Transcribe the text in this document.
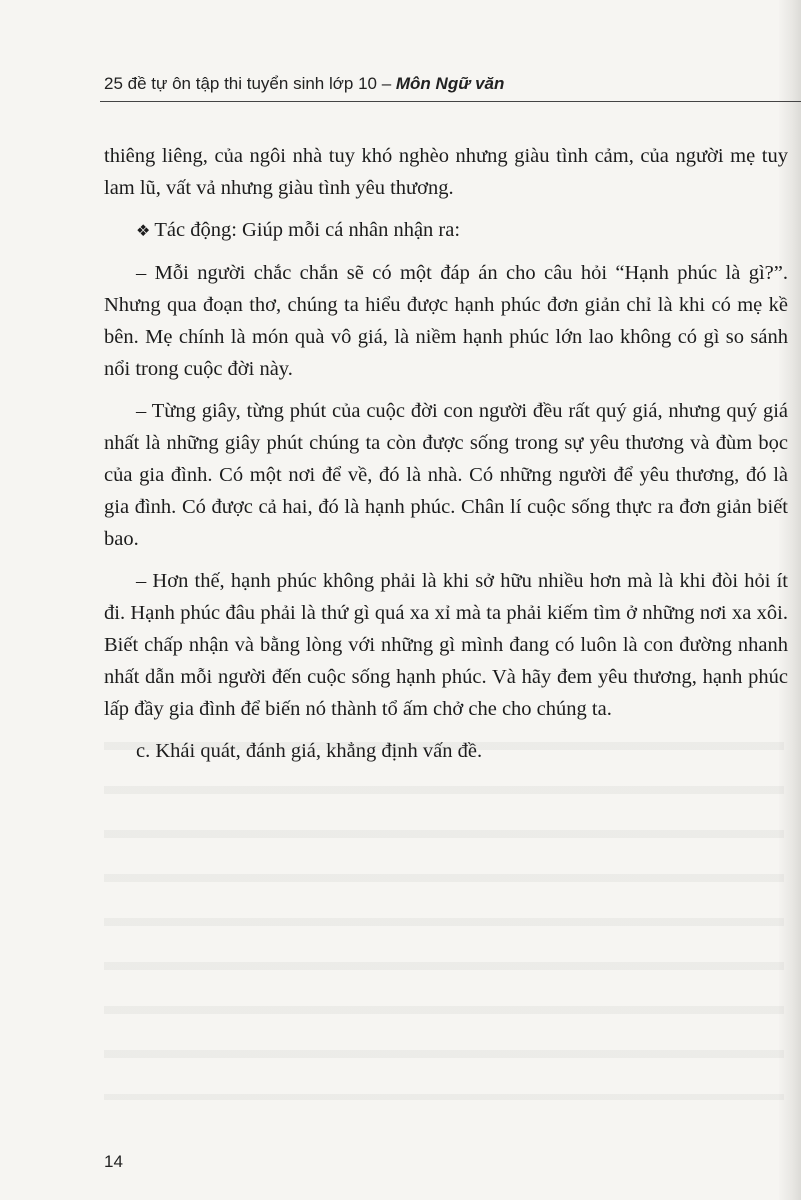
25 đề tự ôn tập thi tuyển sinh lớp 10 – Môn Ngữ văn

thiêng liêng, của ngôi nhà tuy khó nghèo nhưng giàu tình cảm, của người mẹ tuy lam lũ, vất vả nhưng giàu tình yêu thương.

❖ Tác động: Giúp mỗi cá nhân nhận ra:

– Mỗi người chắc chắn sẽ có một đáp án cho câu hỏi “Hạnh phúc là gì?”. Nhưng qua đoạn thơ, chúng ta hiểu được hạnh phúc đơn giản chỉ là khi có mẹ kề bên. Mẹ chính là món quà vô giá, là niềm hạnh phúc lớn lao không có gì so sánh nổi trong cuộc đời này.

– Từng giây, từng phút của cuộc đời con người đều rất quý giá, nhưng quý giá nhất là những giây phút chúng ta còn được sống trong sự yêu thương và đùm bọc của gia đình. Có một nơi để về, đó là nhà. Có những người để yêu thương, đó là gia đình. Có được cả hai, đó là hạnh phúc. Chân lí cuộc sống thực ra đơn giản biết bao.

– Hơn thế, hạnh phúc không phải là khi sở hữu nhiều hơn mà là khi đòi hỏi ít đi. Hạnh phúc đâu phải là thứ gì quá xa xỉ mà ta phải kiếm tìm ở những nơi xa xôi. Biết chấp nhận và bằng lòng với những gì mình đang có luôn là con đường nhanh nhất dẫn mỗi người đến cuộc sống hạnh phúc. Và hãy đem yêu thương, hạnh phúc lấp đầy gia đình để biến nó thành tổ ấm chở che cho chúng ta.

c. Khái quát, đánh giá, khẳng định vấn đề.

14
